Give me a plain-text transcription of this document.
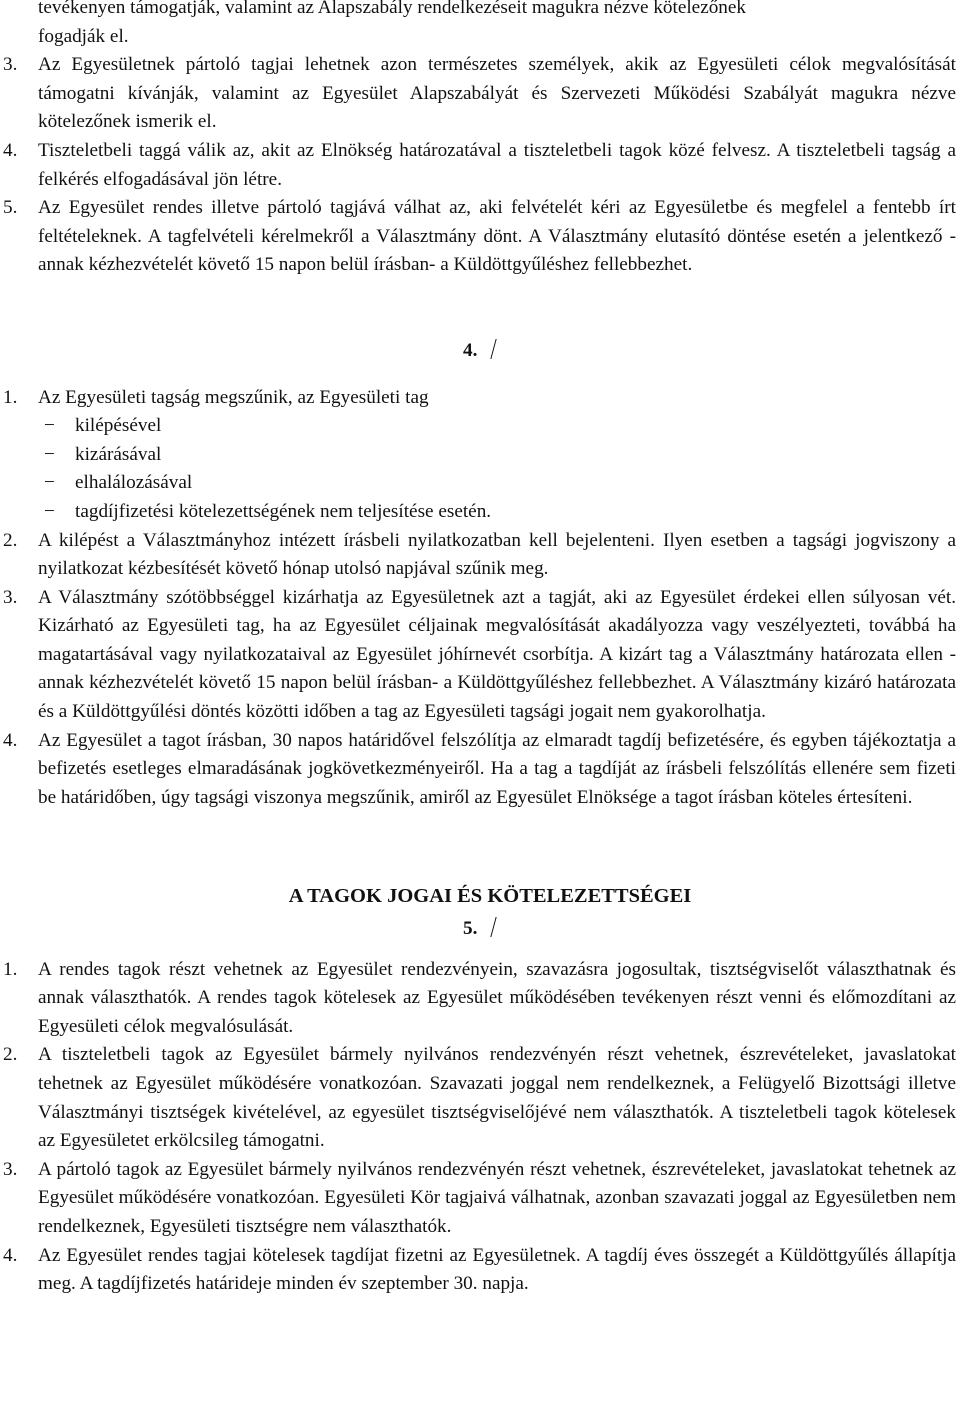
tevékenyen támogatják, valamint az Alapszabály rendelkezéseit magukra nézve kötelezőnek
fogadják el.
3. Az Egyesületnek pártoló tagjai lehetnek azon természetes személyek, akik az Egyesületi célok megvalósítását támogatni kívánják, valamint az Egyesület Alapszabályát és Szervezeti Működési Szabályát magukra nézve kötelezőnek ismerik el.
4. Tiszteletbeli taggá válik az, akit az Elnökség határozatával a tiszteletbeli tagok közé felvesz. A tiszteletbeli tagság a felkérés elfogadásával jön létre.
5. Az Egyesület rendes illetve pártoló tagjává válhat az, aki felvételét kéri az Egyesületbe és megfelel a fentebb írt feltételeknek. A tagfelvételi kérelmekről a Választmány dönt. A Választmány elutasító döntése esetén a jelentkező - annak kézhezvételét követő 15 napon belül írásban- a Küldöttgyűléshez fellebbezhet.
4.
1. Az Egyesületi tagság megszűnik, az Egyesületi tag
− kilépésével
− kizárásával
− elhalálozásával
− tagdíjfizetési kötelezettségének nem teljesítése esetén.
2. A kilépést a Választmányhoz intézett írásbeli nyilatkozatban kell bejelenteni. Ilyen esetben a tagsági jogviszony a nyilatkozat kézbesítését követő hónap utolsó napjával szűnik meg.
3. A Választmány szótöbbséggel kizárhatja az Egyesületnek azt a tagját, aki az Egyesület érdekei ellen súlyosan vét. Kizárható az Egyesületi tag, ha az Egyesület céljainak megvalósítását akadályozza vagy veszélyezteti, továbbá ha magatartásával vagy nyilatkozataival az Egyesület jóhírnevét csorbítja. A kizárt tag a Választmány határozata ellen - annak kézhezvételét követő 15 napon belül írásban- a Küldöttgyűléshez fellebbezhet. A Választmány kizáró határozata és a Küldöttgyűlési döntés közötti időben a tag az Egyesületi tagsági jogait nem gyakorolhatja.
4. Az Egyesület a tagot írásban, 30 napos határidővel felszólítja az elmaradt tagdíj befizetésére, és egyben tájékoztatja a befizetés esetleges elmaradásának jogkövetkezményeiről. Ha a tag a tagdíját az írásbeli felszólítás ellenére sem fizeti be határidőben, úgy tagsági viszonya megszűnik, amiről az Egyesület Elnöksége a tagot írásban köteles értesíteni.
A TAGOK JOGAI ÉS KÖTELEZETTSÉGEI
5.
1. A rendes tagok részt vehetnek az Egyesület rendezvényein, szavazásra jogosultak, tisztségviselőt választhatnak és annak választhatók. A rendes tagok kötelesek az Egyesület működésében tevékenyen részt venni és előmozdítani az Egyesületi célok megvalósulását.
2. A tiszteletbeli tagok az Egyesület bármely nyilvános rendezvényén részt vehetnek, észrevételeket, javaslatokat tehetnek az Egyesület működésére vonatkozóan. Szavazati joggal nem rendelkeznek, a Felügyelő Bizottsági illetve Választmányi tisztségek kivételével, az egyesület tisztségviselőjévé nem választhatók. A tiszteletbeli tagok kötelesek az Egyesületet erkölcsileg támogatni.
3. A pártoló tagok az Egyesület bármely nyilvános rendezvényén részt vehetnek, észrevételeket, javaslatokat tehetnek az Egyesület működésére vonatkozóan. Egyesületi Kör tagjaivá válhatnak, azonban szavazati joggal az Egyesületben nem rendelkeznek, Egyesületi tisztségre nem választhatók.
4. Az Egyesület rendes tagjai kötelesek tagdíjat fizetni az Egyesületnek. A tagdíj éves összegét a Küldöttgyűlés állapítja meg. A tagdíjfizetés határideje minden év szeptember 30. napja.
